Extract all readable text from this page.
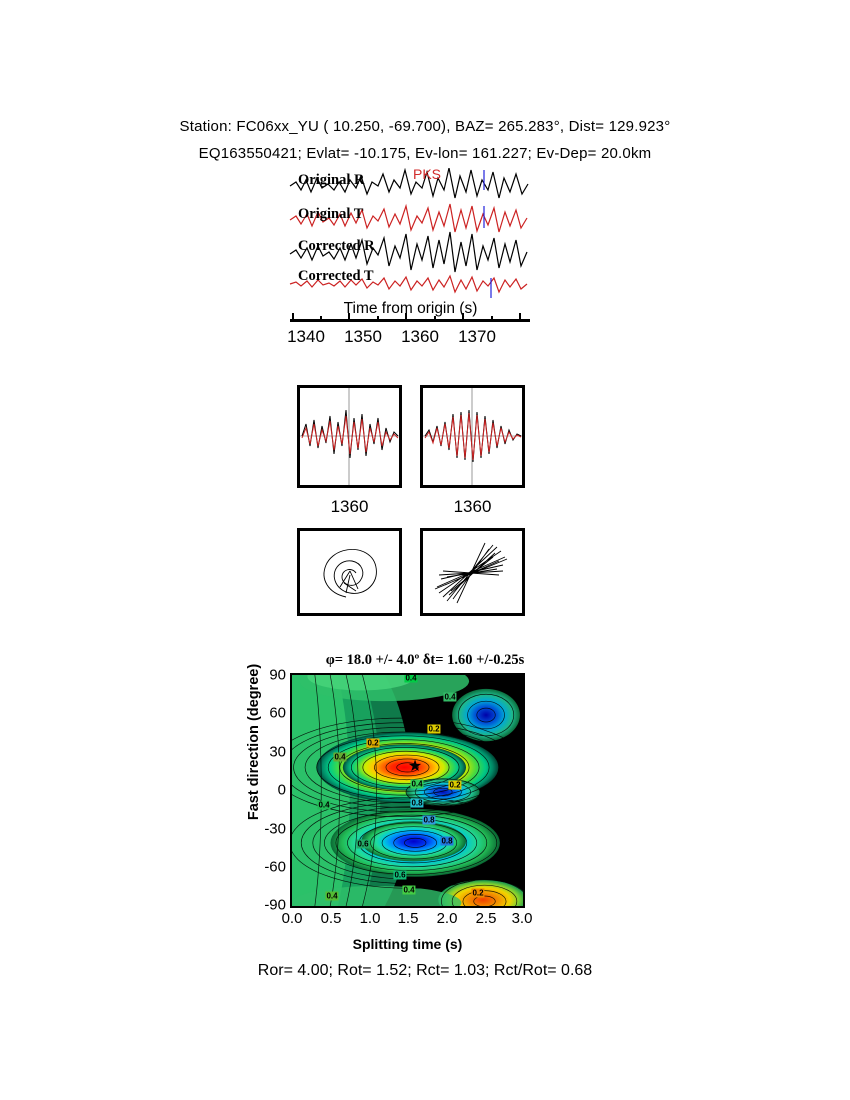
Station: FC06xx_YU ( 10.250, -69.700), BAZ= 265.283°, Dist= 129.923°
EQ163550421; Evlat= -10.175, Ev-lon= 161.227; Ev-Dep= 20.0km
PKS
Original R
Original T
Corrected R
Corrected T
Time from origin (s)
1340 1350 1360 1370
1360	1360
φ= 18.0 +/- 4.0º δt= 1.60 +/-0.25s
Fast direction (degree) 90
60
30
0
-30
-60
-90
★
0.4
0.4
0.2
0.2
0.4
0.4	0.2
0.4	0.8
0.8
0.6	0.8
0.6
0.4
0.4	0.2
0.0 0.5 1.0 1.5 2.0 2.5 3.0
Splitting time (s)
Ror= 4.00; Rot= 1.52; Rct= 1.03; Rct/Rot= 0.68
